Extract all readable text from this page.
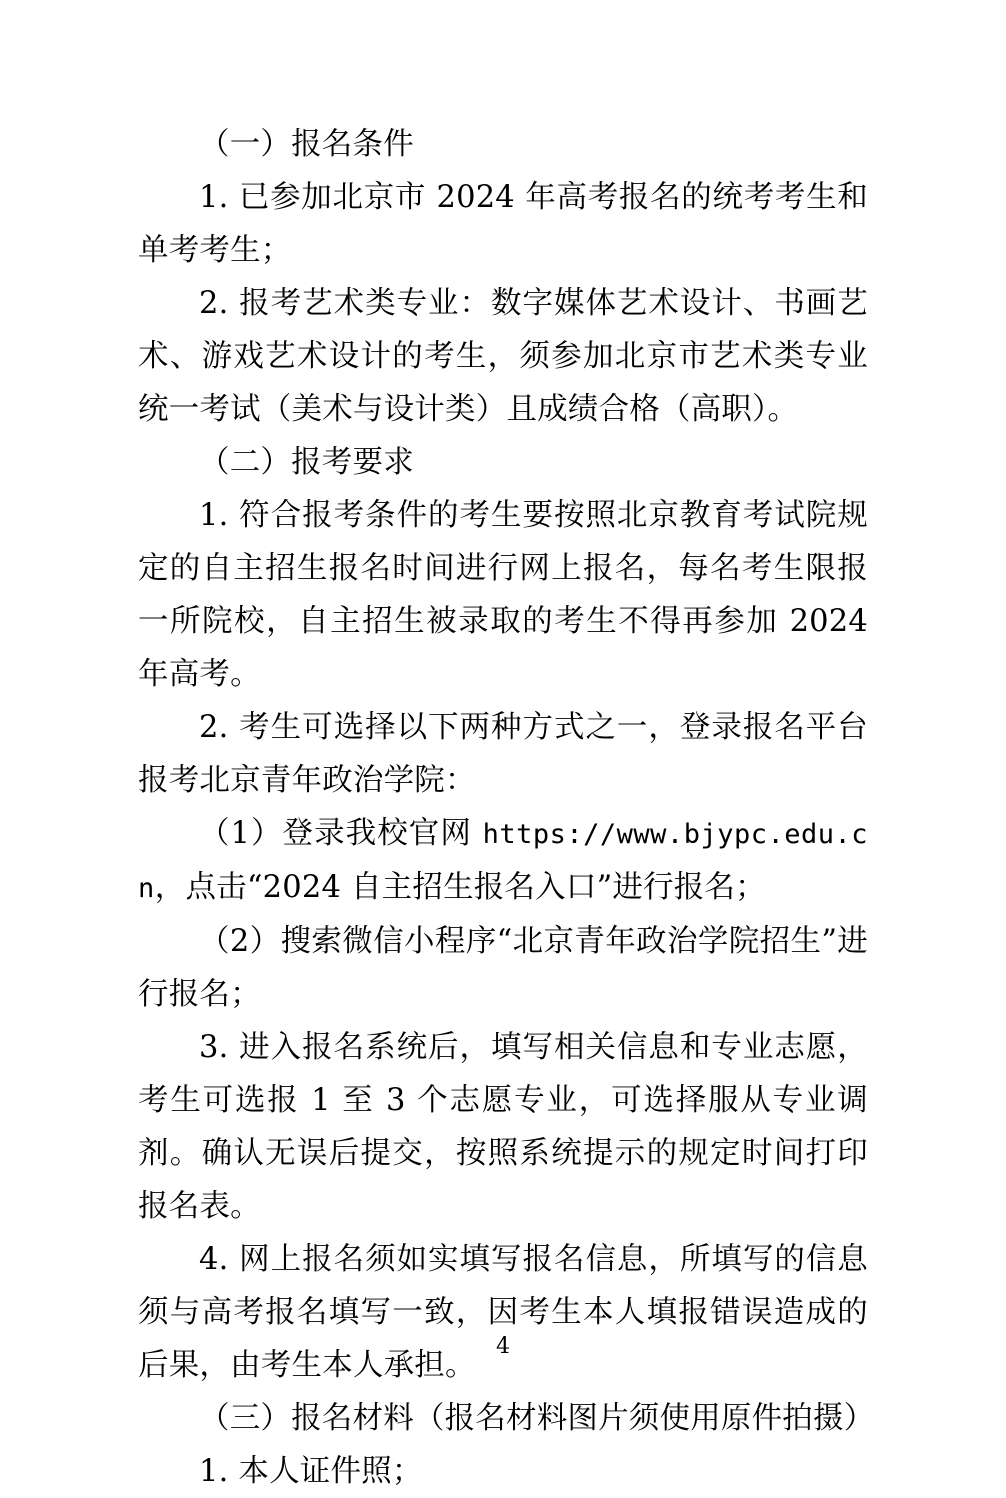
（一）报名条件

1. 已参加北京市 2024 年高考报名的统考考生和单考考生；

2. 报考艺术类专业：数字媒体艺术设计、书画艺术、游戏艺术设计的考生，须参加北京市艺术类专业统一考试（美术与设计类）且成绩合格（高职）。

（二）报考要求

1. 符合报考条件的考生要按照北京教育考试院规定的自主招生报名时间进行网上报名，每名考生限报一所院校，自主招生被录取的考生不得再参加 2024 年高考。

2. 考生可选择以下两种方式之一，登录报名平台报考北京青年政治学院：

（1）登录我校官网 https://www.bjypc.edu.cn，点击“2024 自主招生报名入口”进行报名；

（2）搜索微信小程序“北京青年政治学院招生”进行报名；

3. 进入报名系统后，填写相关信息和专业志愿，考生可选报 1 至 3 个志愿专业，可选择服从专业调剂。确认无误后提交，按照系统提示的规定时间打印报名表。

4. 网上报名须如实填写报名信息，所填写的信息须与高考报名填写一致，因考生本人填报错误造成的后果，由考生本人承担。

（三）报名材料（报名材料图片须使用原件拍摄）

1. 本人证件照；

4
